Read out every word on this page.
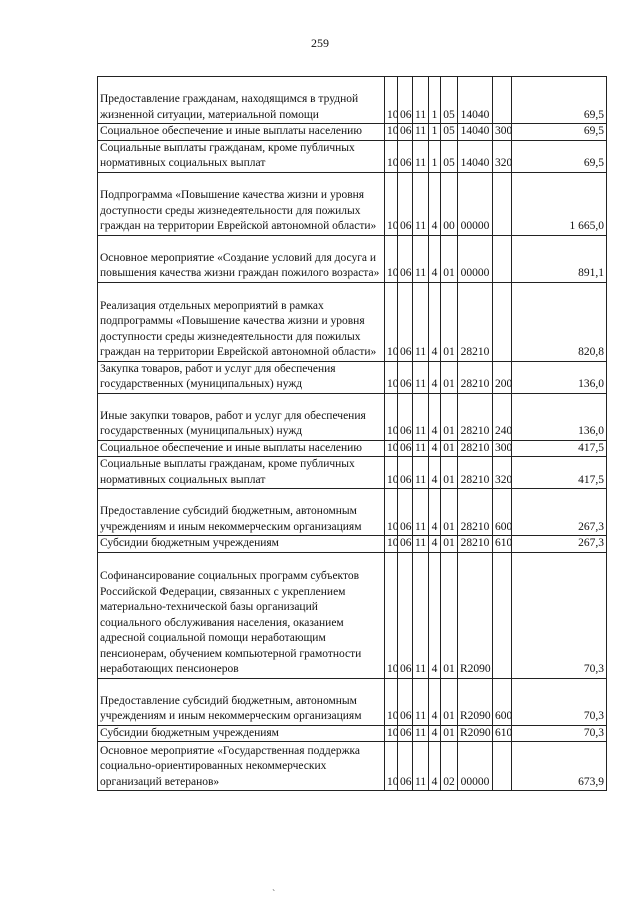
259
Предоставление гражданам, находящимся в трудной жизненной ситуации, материальной помощи	10	06	11	1	05	14040		69,5
Социальное обеспечение и иные выплаты населению	10	06	11	1	05	14040	300	69,5
Социальные выплаты гражданам, кроме публичных нормативных социальных выплат	10	06	11	1	05	14040	320	69,5
Подпрограмма «Повышение качества жизни и уровня доступности среды жизнедеятельности для пожилых граждан на территории Еврейской автономной области»	10	06	11	4	00	00000		1 665,0
Основное мероприятие «Создание условий для досуга и повышения качества жизни граждан пожилого возраста»	10	06	11	4	01	00000		891,1
Реализация отдельных мероприятий в рамках подпрограммы «Повышение качества жизни и уровня доступности среды жизнедеятельности для пожилых граждан на территории Еврейской автономной области»	10	06	11	4	01	28210		820,8
Закупка товаров, работ и услуг для обеспечения государственных (муниципальных) нужд	10	06	11	4	01	28210	200	136,0
Иные закупки товаров, работ и услуг для обеспечения государственных (муниципальных) нужд	10	06	11	4	01	28210	240	136,0
Социальное обеспечение и иные выплаты населению	10	06	11	4	01	28210	300	417,5
Социальные выплаты гражданам, кроме публичных нормативных социальных выплат	10	06	11	4	01	28210	320	417,5
Предоставление субсидий бюджетным, автономным учреждениям и иным некоммерческим организациям	10	06	11	4	01	28210	600	267,3
Субсидии бюджетным учреждениям	10	06	11	4	01	28210	610	267,3
Софинансирование социальных программ субъектов Российской Федерации, связанных с укреплением материально-технической базы организаций социального обслуживания населения, оказанием адресной социальной помощи неработающим пенсионерам, обучением компьютерной грамотности неработающих пенсионеров	10	06	11	4	01	R2090		70,3
Предоставление субсидий бюджетным, автономным учреждениям и иным некоммерческим организациям	10	06	11	4	01	R2090	600	70,3
Субсидии бюджетным учреждениям	10	06	11	4	01	R2090	610	70,3
Основное мероприятие «Государственная поддержка социально-ориентированных некоммерческих организаций ветеранов»	10	06	11	4	02	00000		673,9
`
